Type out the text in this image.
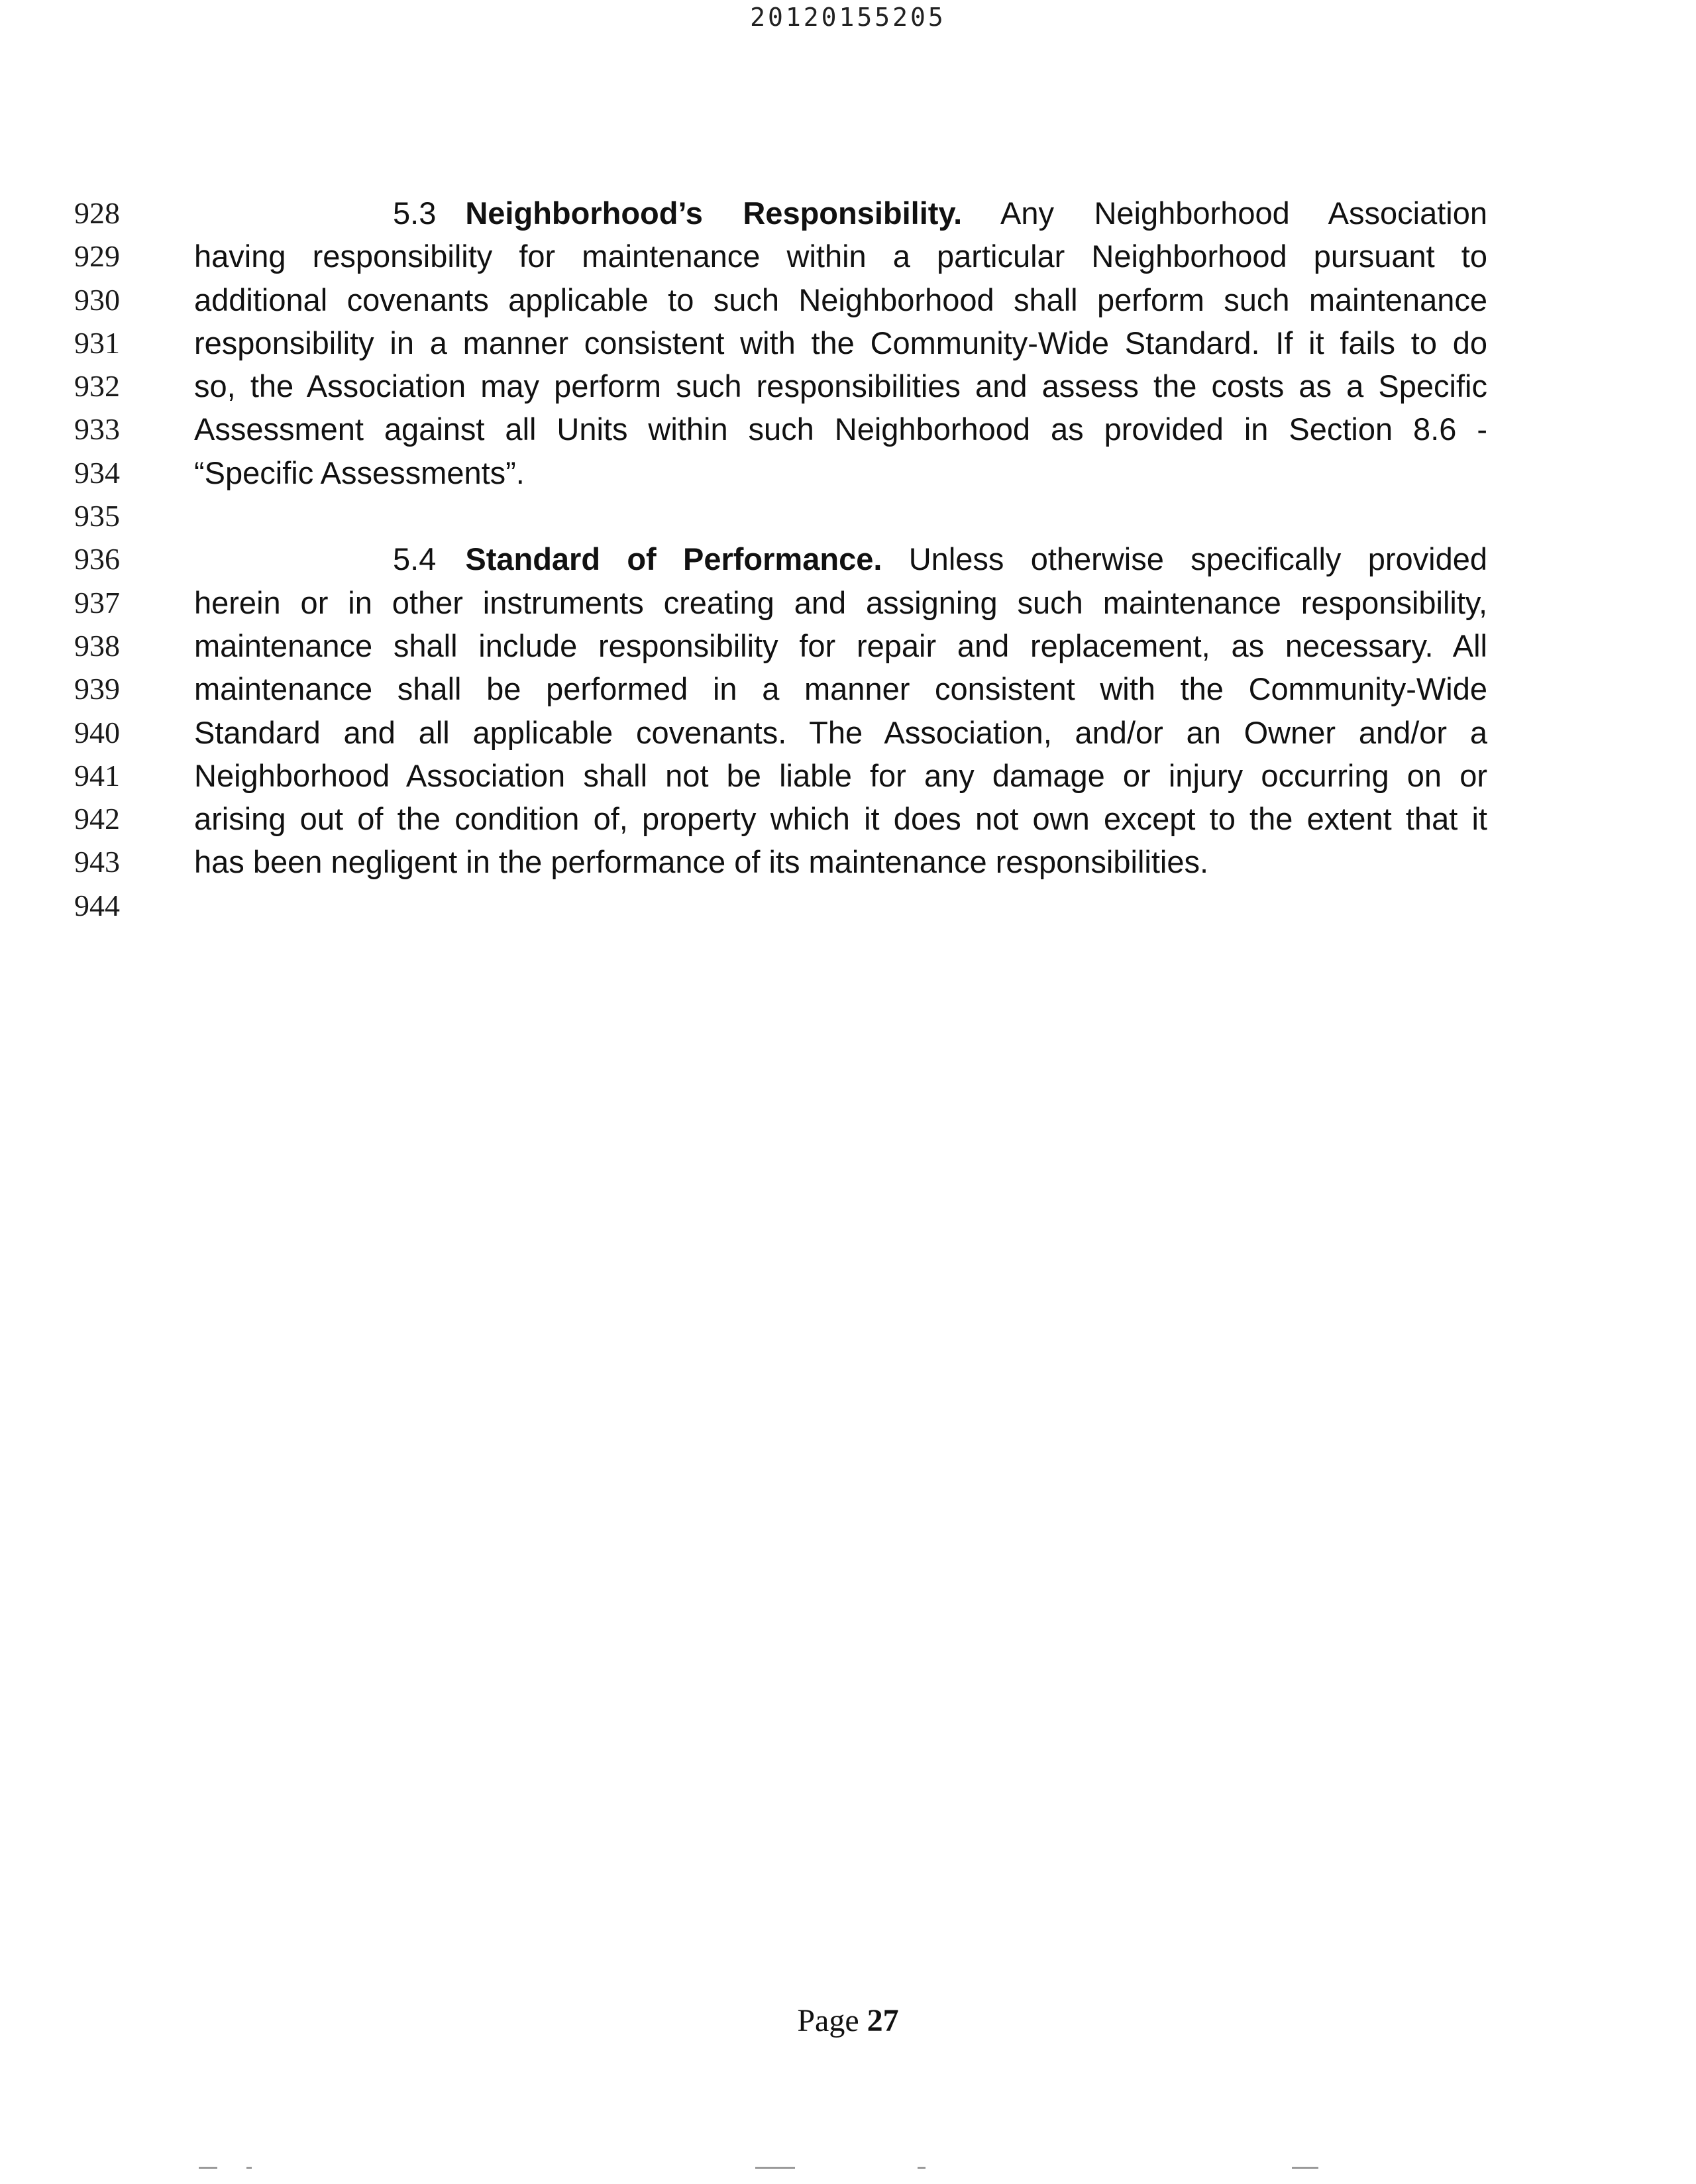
20120155205
928
929
930
931
932
933
934
935
936
937
938
939
940
941
942
943
944
5.3 Neighborhood’s Responsibility. Any Neighborhood Association
having responsibility for maintenance within a particular Neighborhood pursuant to
additional covenants applicable to such Neighborhood shall perform such maintenance
responsibility in a manner consistent with the Community-Wide Standard. If it fails to do
so, the Association may perform such responsibilities and assess the costs as a Specific
Assessment against all Units within such Neighborhood as provided in Section 8.6 -
“Specific Assessments”.
5.4 Standard of Performance. Unless otherwise specifically provided
herein or in other instruments creating and assigning such maintenance responsibility,
maintenance shall include responsibility for repair and replacement, as necessary. All
maintenance shall be performed in a manner consistent with the Community-Wide
Standard and all applicable covenants. The Association, and/or an Owner and/or a
Neighborhood Association shall not be liable for any damage or injury occurring on or
arising out of the condition of, property which it does not own except to the extent that it
has been negligent in the performance of its maintenance responsibilities.
Page 27
